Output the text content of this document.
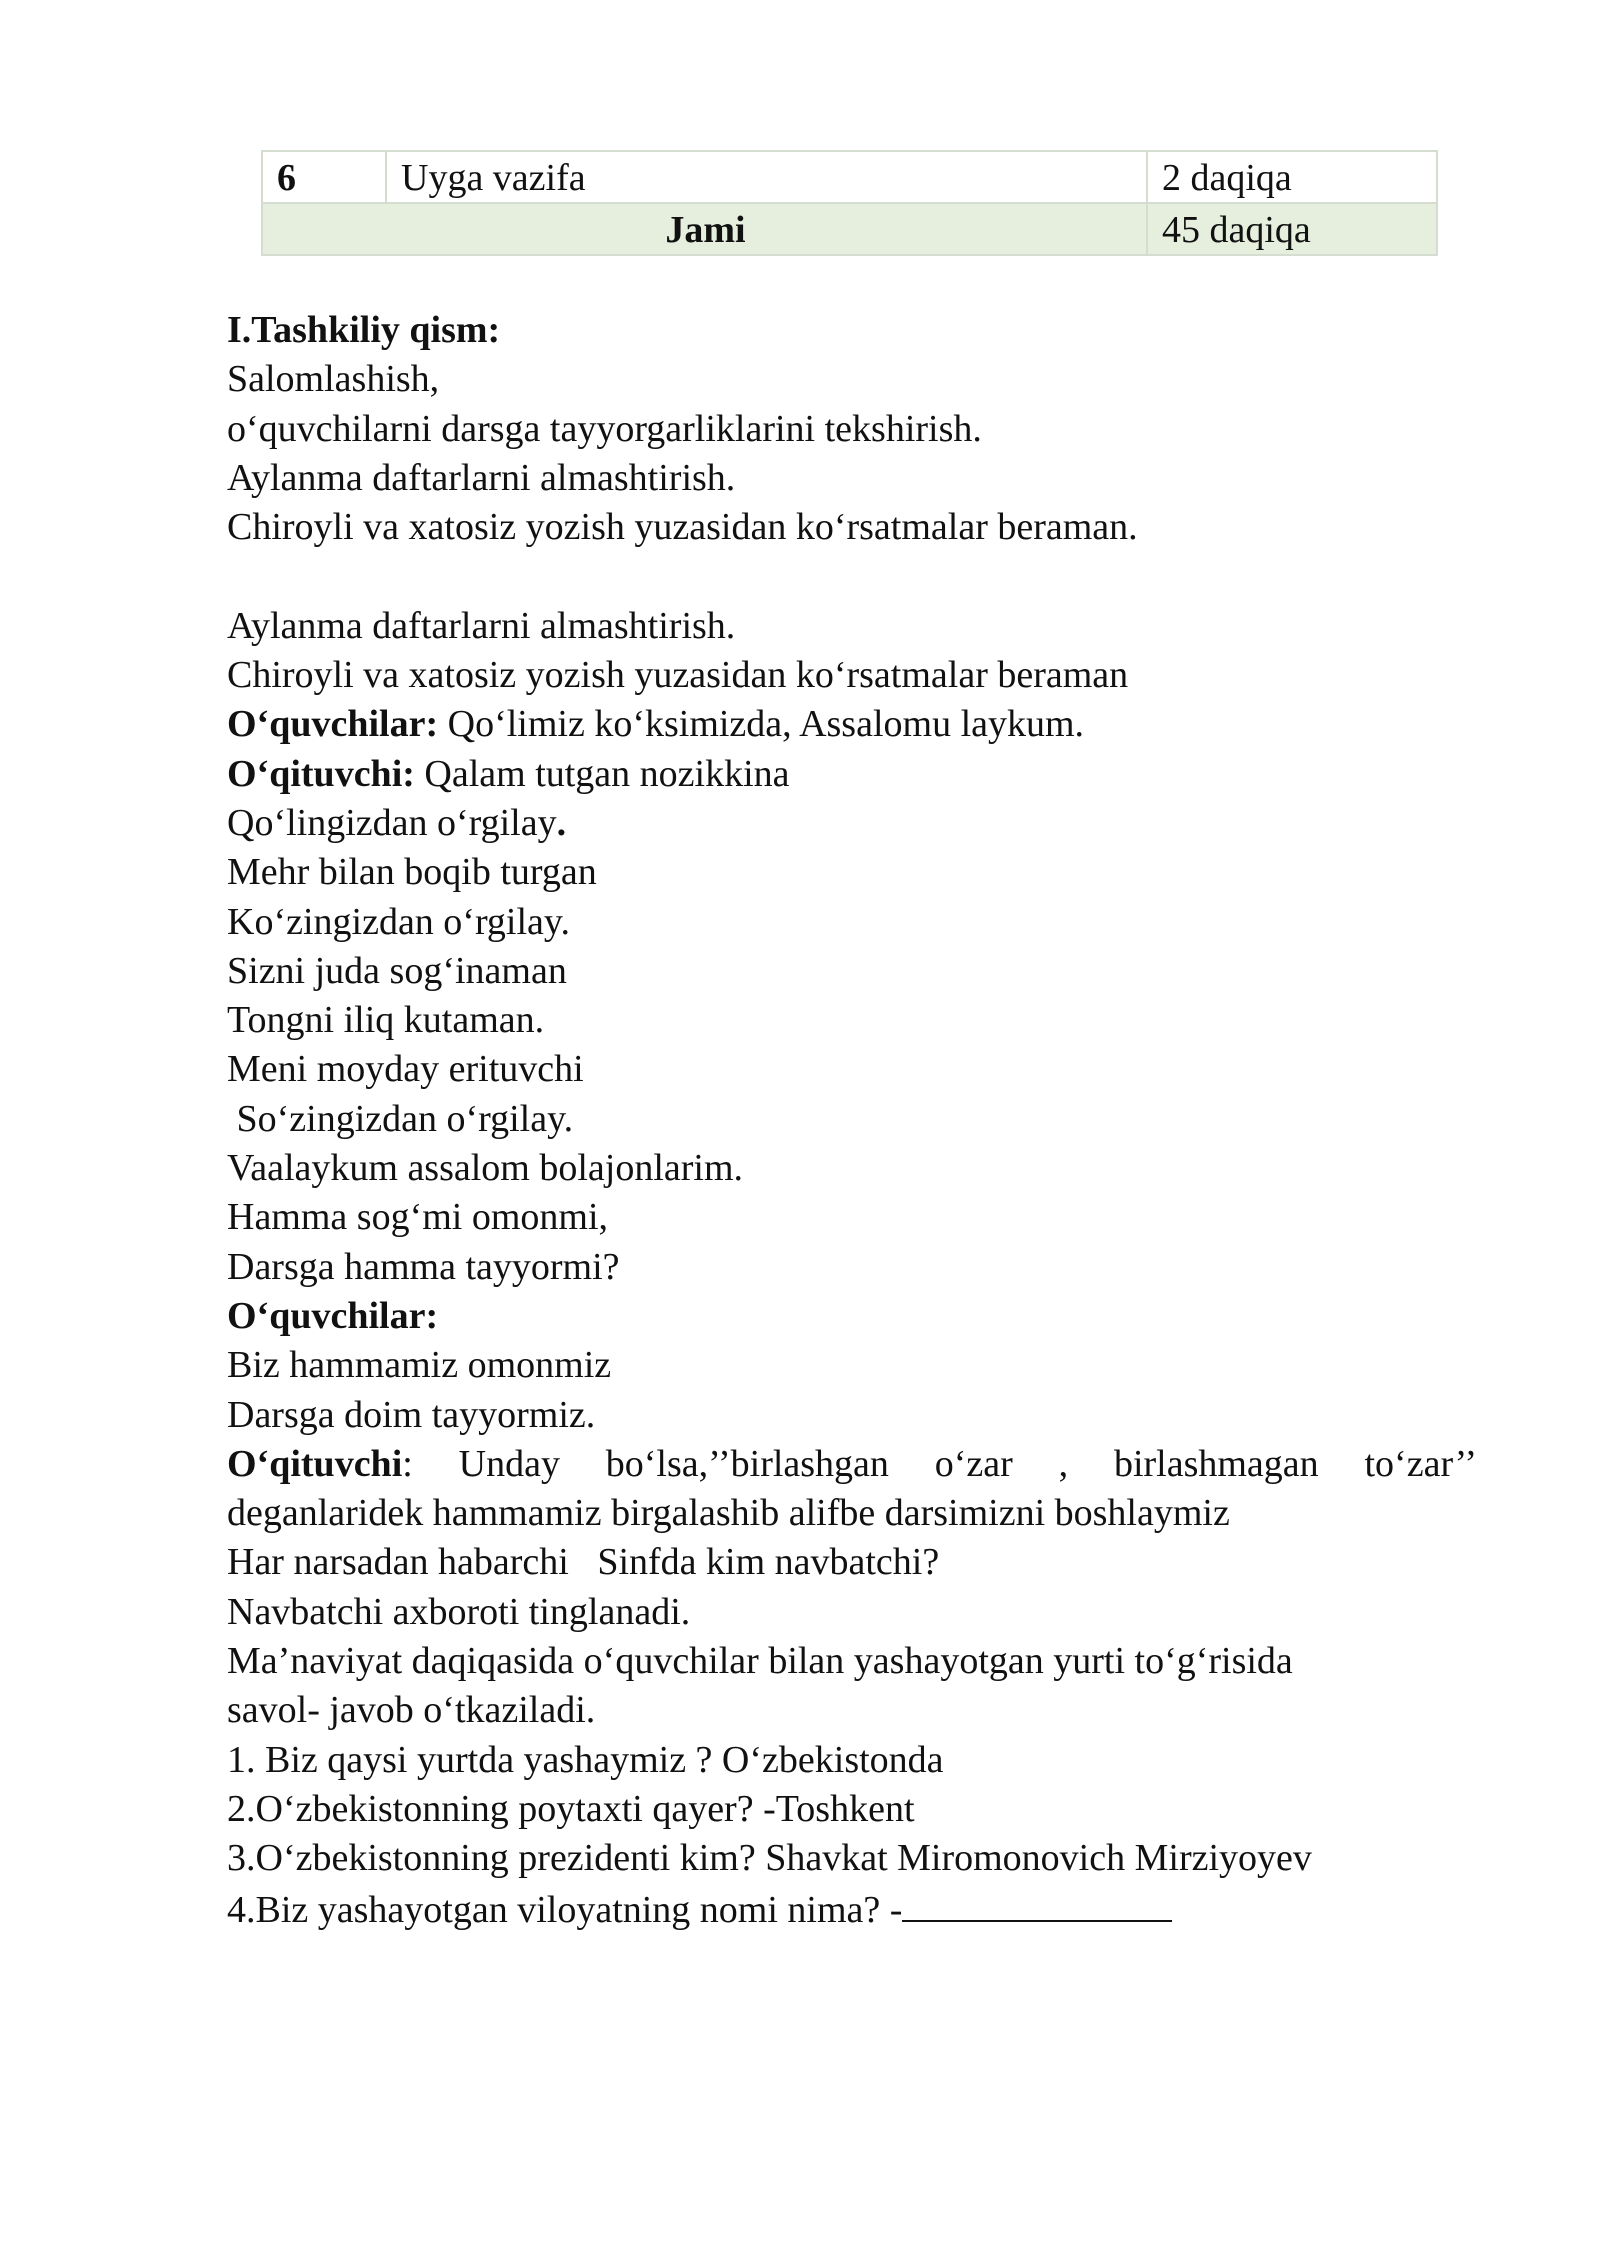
6	Uyga vazifa	2 daqiqa
Jami		45 daqiqa

I.Tashkiliy qism:

Salomlashish,

o‘quvchilarni darsga tayyorgarliklarini tekshirish.

Aylanma daftarlarni almashtirish.

Chiroyli va xatosiz yozish yuzasidan ko‘rsatmalar beraman.

Aylanma daftarlarni almashtirish.

Chiroyli va xatosiz yozish yuzasidan ko‘rsatmalar beraman

O‘quvchilar: Qo‘limiz ko‘ksimizda, Assalomu laykum.

O‘qituvchi: Qalam tutgan nozikkina

Qo‘lingizdan o‘rgilay.

Mehr bilan boqib turgan

Ko‘zingizdan o‘rgilay.

Sizni juda sog‘inaman

Tongni iliq kutaman.

Meni moyday erituvchi

So‘zingizdan o‘rgilay.

Vaalaykum assalom bolajonlarim.

Hamma sog‘mi omonmi,

Darsga hamma tayyormi?

O‘quvchilar:

Biz hammamiz omonmiz

Darsga doim tayyormiz.

O‘qituvchi:  Unday  bo‘lsa,’’birlashgan  o‘zar  ,  birlashmagan  to‘zar’’

deganlaridek hammamiz birgalashib alifbe darsimizni boshlaymiz

Har narsadan habarchi   Sinfda kim navbatchi?

Navbatchi axboroti tinglanadi.

Ma’naviyat daqiqasida o‘quvchilar bilan yashayotgan yurti to‘g‘risida

savol- javob o‘tkaziladi.

1. Biz qaysi yurtda yashaymiz ? O‘zbekistonda

2.O‘zbekistonning poytaxti qayer? -Toshkent

3.O‘zbekistonning prezidenti kim? Shavkat Miromonovich Mirziyoyev

4.Biz yashayotgan viloyatning nomi nima? -
